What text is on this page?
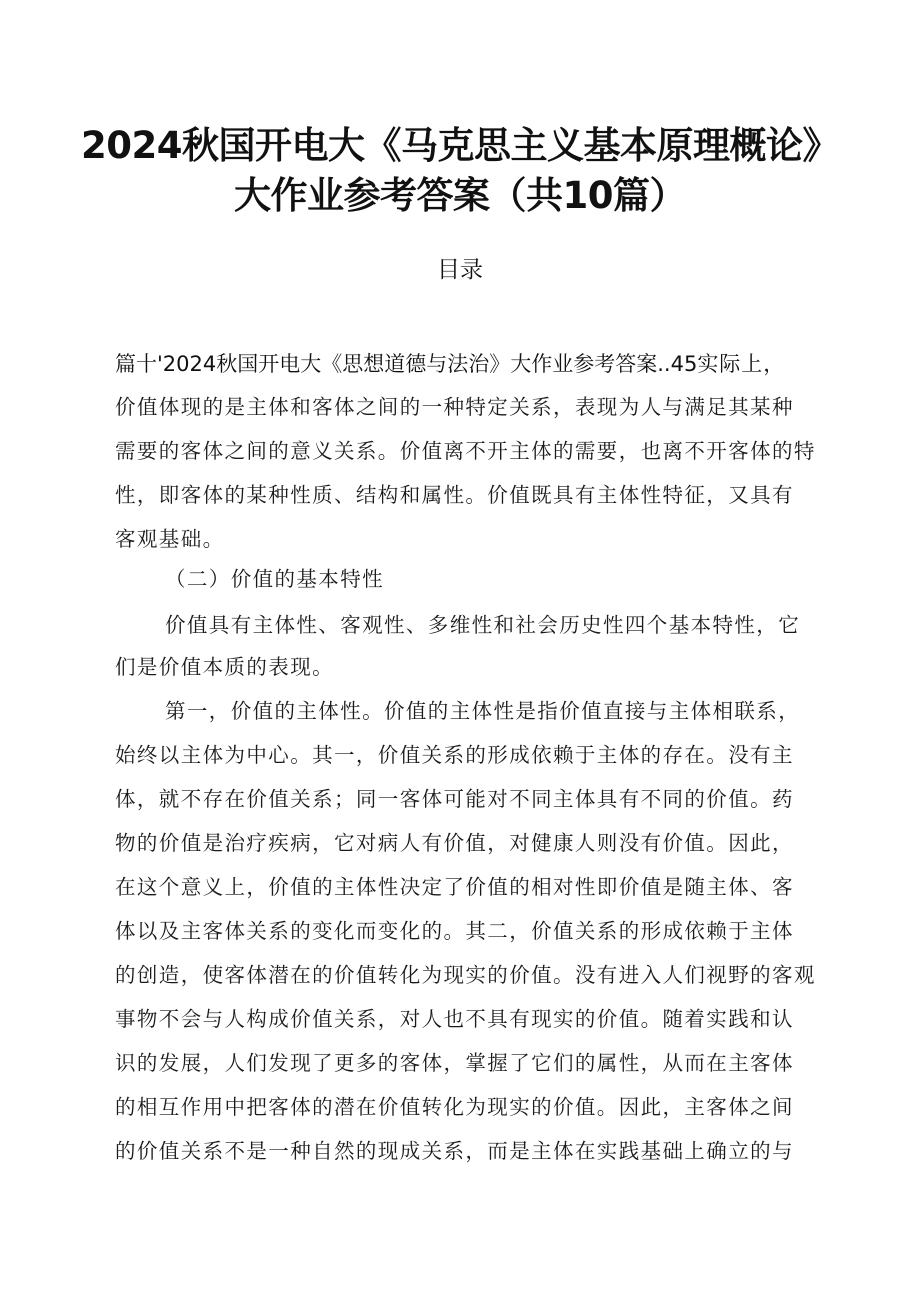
2024秋国开电大《马克思主义基本原理概论》
大作业参考答案（共10篇）
目录
篇十'2024秋国开电大《思想道德与法治》大作业参考答案..45实际上，
价值体现的是主体和客体之间的一种特定关系，表现为人与满足其某种
需要的客体之间的意义关系。价值离不开主体的需要，也离不开客体的特
性，即客体的某种性质、结构和属性。价值既具有主体性特征，又具有
客观基础。
（二）价值的基本特性
价值具有主体性、客观性、多维性和社会历史性四个基本特性，它
们是价值本质的表现。
第一，价值的主体性。价值的主体性是指价值直接与主体相联系，
始终以主体为中心。其一，价值关系的形成依赖于主体的存在。没有主
体，就不存在价值关系；同一客体可能对不同主体具有不同的价值。药
物的价值是治疗疾病，它对病人有价值，对健康人则没有价值。因此，
在这个意义上，价值的主体性决定了价值的相对性即价值是随主体、客
体以及主客体关系的变化而变化的。其二，价值关系的形成依赖于主体
的创造，使客体潜在的价值转化为现实的价值。没有进入人们视野的客观
事物不会与人构成价值关系，对人也不具有现实的价值。随着实践和认
识的发展，人们发现了更多的客体，掌握了它们的属性，从而在主客体
的相互作用中把客体的潜在价值转化为现实的价值。因此，主客体之间
的价值关系不是一种自然的现成关系，而是主体在实践基础上确立的与
